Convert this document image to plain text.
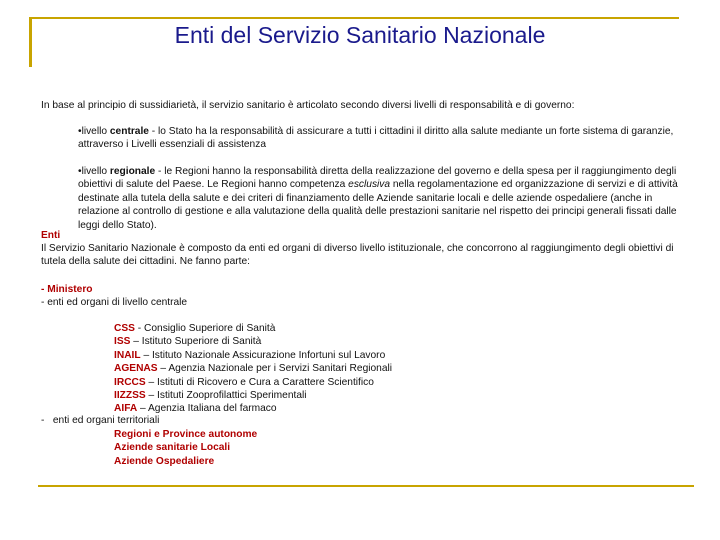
Enti del Servizio Sanitario Nazionale
In base al principio di sussidiarietà, il servizio sanitario è articolato secondo diversi livelli di responsabilità e di governo:
•livello centrale - lo Stato ha la responsabilità di assicurare a tutti i cittadini il diritto alla salute mediante un forte sistema di garanzie, attraverso i Livelli essenziali di assistenza
•livello regionale - le Regioni hanno la responsabilità diretta della realizzazione del governo e della spesa per il raggiungimento degli obiettivi di salute del Paese. Le Regioni hanno competenza esclusiva nella regolamentazione ed organizzazione di servizi e di attività destinate alla tutela della salute e dei criteri di finanziamento delle Aziende sanitarie locali e delle aziende ospedaliere (anche in relazione al controllo di gestione e alla valutazione della qualità delle prestazioni sanitarie nel rispetto dei principi generali fissati dalle leggi dello Stato).
Enti
Il Servizio Sanitario Nazionale è composto da enti ed organi di diverso livello istituzionale, che concorrono al raggiungimento degli obiettivi di tutela della salute dei cittadini. Ne fanno parte:
- Ministero
- enti ed organi di livello centrale
CSS - Consiglio Superiore di Sanità
ISS – Istituto Superiore di Sanità
INAIL – Istituto Nazionale Assicurazione Infortuni sul Lavoro
AGENAS – Agenzia Nazionale per i Servizi Sanitari Regionali
IRCCS – Istituti di Ricovero e Cura a Carattere Scientifico
IIZZSS – Istituti Zooprofilattici Sperimentali
AIFA – Agenzia Italiana del farmaco
-   enti ed organi territoriali
Regioni e Province autonome
Aziende sanitarie Locali
Aziende Ospedaliere
